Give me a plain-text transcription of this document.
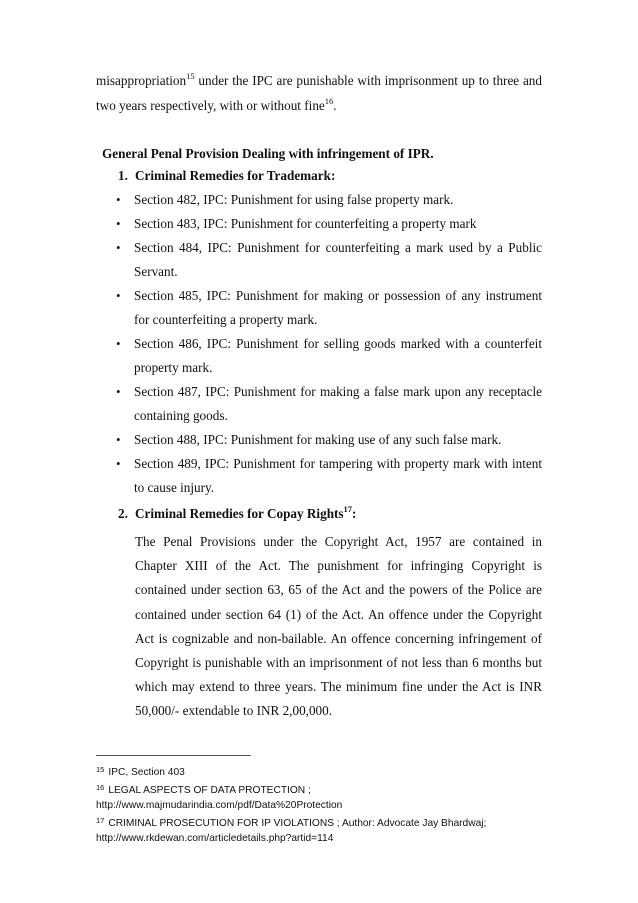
misappropriation$^{15}$ under the IPC are punishable with imprisonment up to three and two years respectively, with or without fine$^{16}$.
General Penal Provision Dealing with infringement of IPR.
1. Criminal Remedies for Trademark:
• Section 482, IPC: Punishment for using false property mark.
• Section 483, IPC: Punishment for counterfeiting a property mark
• Section 484, IPC: Punishment for counterfeiting a mark used by a Public Servant.
• Section 485, IPC: Punishment for making or possession of any instrument for counterfeiting a property mark.
• Section 486, IPC: Punishment for selling goods marked with a counterfeit property mark.
• Section 487, IPC: Punishment for making a false mark upon any receptacle containing goods.
• Section 488, IPC: Punishment for making use of any such false mark.
• Section 489, IPC: Punishment for tampering with property mark with intent to cause injury.
2. Criminal Remedies for Copay Rights$^{17}$:
The Penal Provisions under the Copyright Act, 1957 are contained in Chapter XIII of the Act. The punishment for infringing Copyright is contained under section 63, 65 of the Act and the powers of the Police are contained under section 64 (1) of the Act. An offence under the Copyright Act is cognizable and non-bailable. An offence concerning infringement of Copyright is punishable with an imprisonment of not less than 6 months but which may extend to three years. The minimum fine under the Act is INR 50,000/- extendable to INR 2,00,000.
$^{15}$ IPC, Section 403
$^{16}$ LEGAL ASPECTS OF DATA PROTECTION ;
http://www.majmudarindia.com/pdf/Data%20Protection
$^{17}$ CRIMINAL PROSECUTION FOR IP VIOLATIONS ; Author: Advocate Jay Bhardwaj;
http://www.rkdewan.com/articledetails.php?artid=114
